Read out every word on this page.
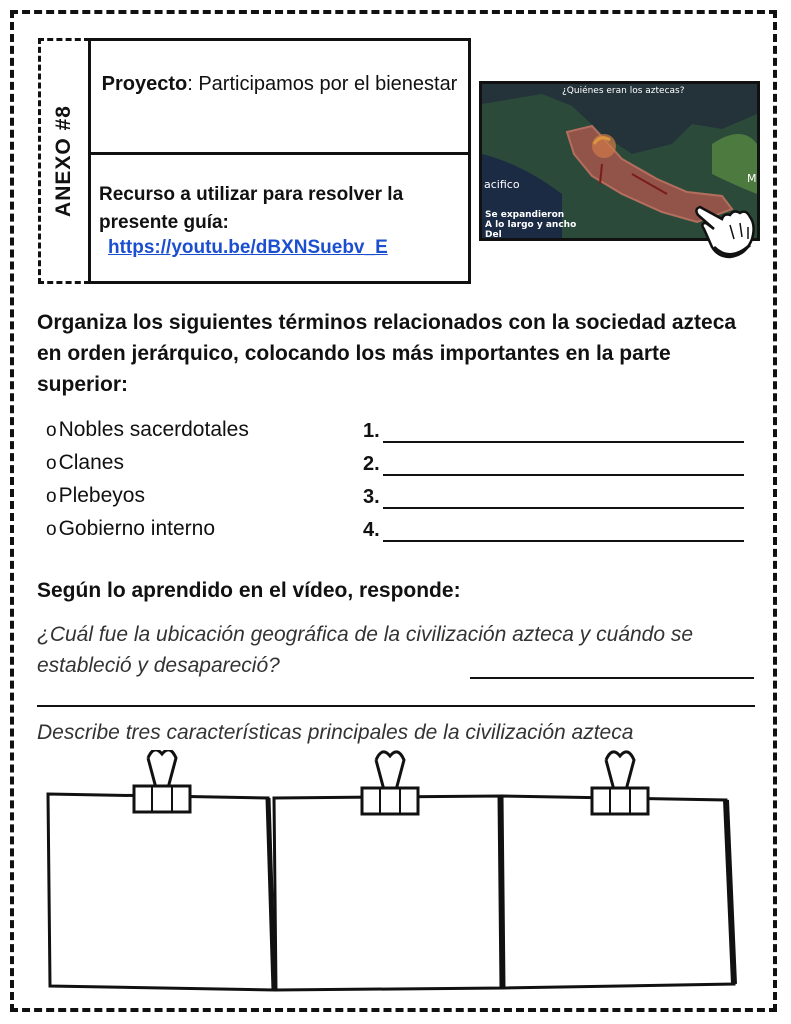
ANEXO #8
Proyecto: Participamos por el bienestar
Recurso a utilizar para resolver la presente guía:
https://youtu.be/dBXNSuebv_E
¿Quiénes eran los aztecas?
acifico
Se expandieron
A lo largo y ancho
Del
M
Organiza los siguientes términos relacionados con la sociedad azteca en orden jerárquico, colocando los más importantes en la parte superior:
oNobles sacerdotales
oClanes
oPlebeyos
oGobierno interno
1.
2.
3.
4.
Según lo aprendido en el vídeo, responde:
¿Cuál fue la ubicación geográfica de la civilización azteca y cuándo se estableció y desapareció?
Describe tres características principales de la civilización azteca
